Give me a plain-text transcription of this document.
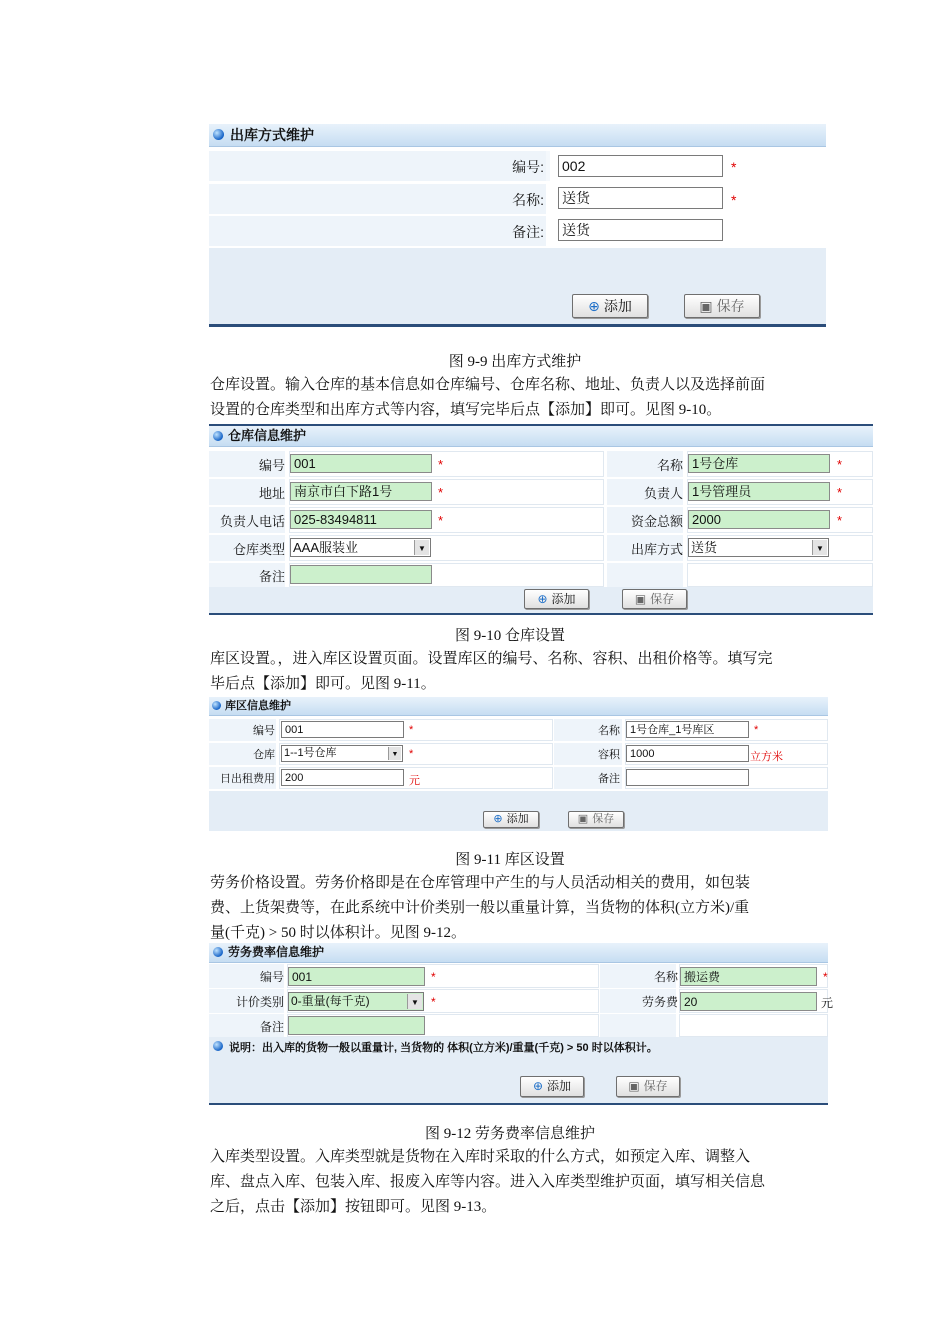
出库方式维护
编号: 002	*
名称: 送货	*
备注: 送货
⊕ 添加	▣ 保存
图 9-9 出库方式维护
仓库设置。输入仓库的基本信息如仓库编号、仓库名称、地址、负责人以及选择前面
设置的仓库类型和出库方式等内容，填写完毕后点【添加】即可。见图 9-10。
仓库信息维护
编号 001	*	名称 1号仓库	*
地址 南京市白下路1号	*	负责人 1号管理员	*
负责人电话 025-83494811	*	资金总额 2000	*
仓库类型 AAA服装业	▼	出库方式 送货	▼
备注
⊕ 添加	▣ 保存
图 9-10 仓库设置
库区设置。，进入库区设置页面。设置库区的编号、名称、容积、出租价格等。填写完
毕后点【添加】即可。见图 9-11。
库区信息维护
编号 001	*	名称 1号仓库_1号库区	*
仓库 1--1号仓库	▼ *	容积 1000	立方米
日出租费用 200	元	备注
⊕ 添加	▣ 保存
图 9-11 库区设置
劳务价格设置。劳务价格即是在仓库管理中产生的与人员活动相关的费用，如包装
费、上货架费等，在此系统中计价类别一般以重量计算，当货物的体积(立方米)/重
量(千克) > 50 时以体积计。见图 9-12。
劳务费率信息维护
编号 001	*	名称 搬运费	*
计价类别 0-重量(每千克)	▼ *	劳务费 20	元
备注
说明：出入库的货物一般以重量计, 当货物的 体积(立方米)/重量(千克) > 50 时以体积计。
⊕ 添加	▣ 保存
图 9-12 劳务费率信息维护
入库类型设置。入库类型就是货物在入库时采取的什么方式，如预定入库、调整入
库、盘点入库、包装入库、报废入库等内容。进入入库类型维护页面，填写相关信息
之后，点击【添加】按钮即可。见图 9-13。
